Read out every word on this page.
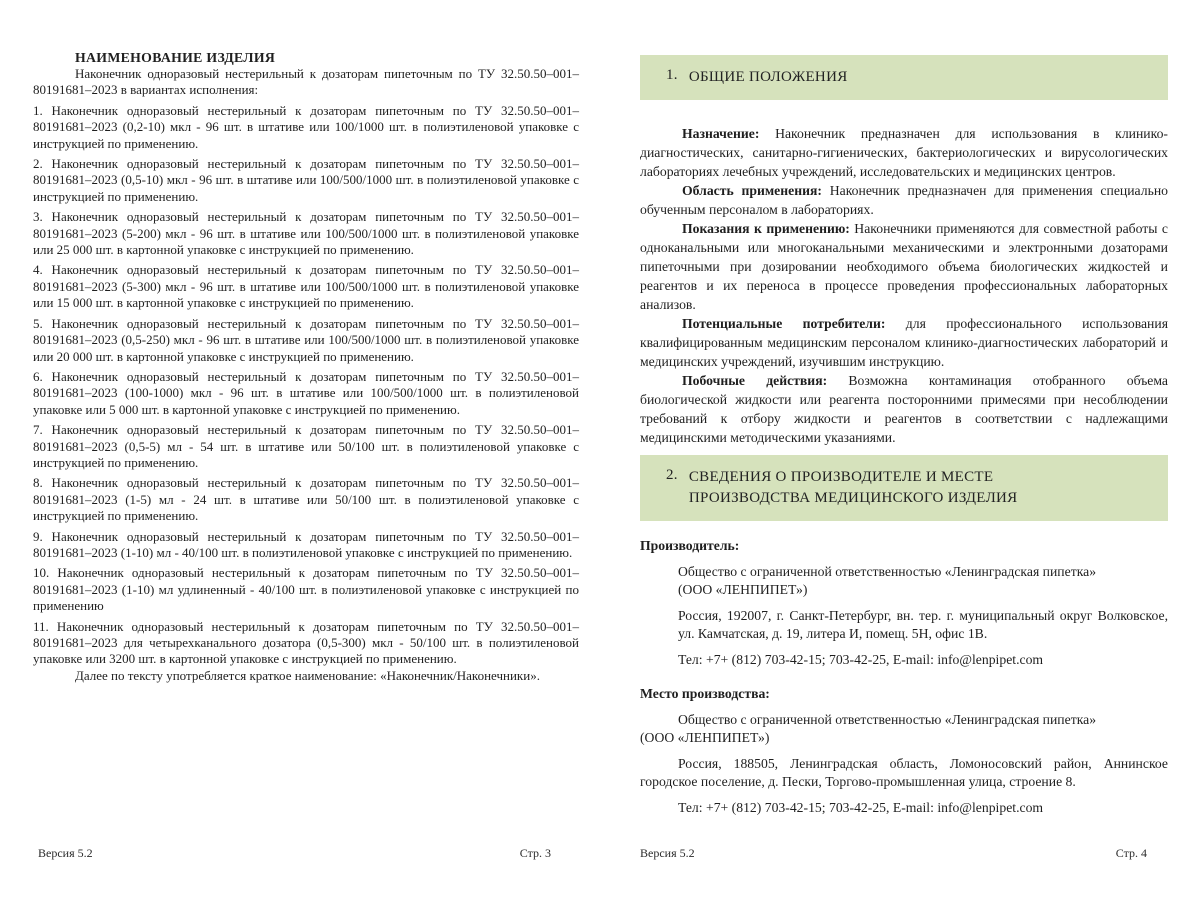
НАИМЕНОВАНИЕ ИЗДЕЛИЯ

Наконечник одноразовый нестерильный к дозаторам пипеточным по ТУ 32.50.50–001–80191681–2023 в вариантах исполнения:

1. Наконечник одноразовый нестерильный к дозаторам пипеточным по ТУ 32.50.50–001–80191681–2023 (0,2-10) мкл - 96 шт. в штативе или 100/1000 шт. в полиэтиленовой упаковке с инструкцией по применению.

2. Наконечник одноразовый нестерильный к дозаторам пипеточным по ТУ 32.50.50–001–80191681–2023 (0,5-10) мкл - 96 шт. в штативе или 100/500/1000 шт. в полиэтиленовой упаковке с инструкцией по применению.

3. Наконечник одноразовый нестерильный к дозаторам пипеточным по ТУ 32.50.50–001–80191681–2023 (5-200) мкл - 96 шт. в штативе или 100/500/1000 шт. в полиэтиленовой упаковке или 25 000 шт. в картонной упаковке с инструкцией по применению.

4. Наконечник одноразовый нестерильный к дозаторам пипеточным по ТУ 32.50.50–001–80191681–2023 (5-300) мкл - 96 шт. в штативе или 100/500/1000 шт. в полиэтиленовой упаковке или 15 000 шт. в картонной упаковке с инструкцией по применению.

5. Наконечник одноразовый нестерильный к дозаторам пипеточным по ТУ 32.50.50–001–80191681–2023 (0,5-250) мкл - 96 шт. в штативе или 100/500/1000 шт. в полиэтиленовой упаковке или 20 000 шт. в картонной упаковке с инструкцией по применению.

6. Наконечник одноразовый нестерильный к дозаторам пипеточным по ТУ 32.50.50–001–80191681–2023 (100-1000) мкл - 96 шт. в штативе или 100/500/1000 шт. в полиэтиленовой упаковке или 5 000 шт. в картонной упаковке с инструкцией по применению.

7. Наконечник одноразовый нестерильный к дозаторам пипеточным по ТУ 32.50.50–001–80191681–2023 (0,5-5) мл - 54 шт. в штативе или 50/100 шт. в полиэтиленовой упаковке с инструкцией по применению.

8. Наконечник одноразовый нестерильный к дозаторам пипеточным по ТУ 32.50.50–001–80191681–2023 (1-5) мл - 24 шт. в штативе или 50/100 шт. в полиэтиленовой упаковке с инструкцией по применению.

9. Наконечник одноразовый нестерильный к дозаторам пипеточным по ТУ 32.50.50–001–80191681–2023 (1-10) мл - 40/100 шт. в полиэтиленовой упаковке с инструкцией по применению.

10. Наконечник одноразовый нестерильный к дозаторам пипеточным по ТУ 32.50.50–001–80191681–2023 (1-10) мл удлиненный - 40/100 шт. в полиэтиленовой упаковке с инструкцией по применению

11. Наконечник одноразовый нестерильный к дозаторам пипеточным по ТУ 32.50.50–001–80191681–2023 для четырехканального дозатора (0,5-300) мкл - 50/100 шт. в полиэтиленовой упаковке или 3200 шт. в картонной упаковке с инструкцией по применению.

Далее по тексту употребляется краткое наименование: «Наконечник/Наконечники».

Версия 5.2	Стр. 3
1. ОБЩИЕ ПОЛОЖЕНИЯ

Назначение: Наконечник предназначен для использования в клинико-диагностических, санитарно-гигиенических, бактериологических и вирусологических лабораториях лечебных учреждений, исследовательских и медицинских центров.

Область применения: Наконечник предназначен для применения специально обученным персоналом в лабораториях.

Показания к применению: Наконечники применяются для совместной работы с одноканальными или многоканальными механическими и электронными дозаторами пипеточными при дозировании необходимого объема биологических жидкостей и реагентов и их переноса в процессе проведения профессиональных лабораторных анализов.

Потенциальные потребители: для профессионального использования квалифицированным медицинским персоналом клинико-диагностических лабораторий и медицинских учреждений, изучившим инструкцию.

Побочные действия: Возможна контаминация отобранного объема биологической жидкости или реагента посторонними примесями при несоблюдении требований к отбору жидкости и реагентов в соответствии с надлежащими медицинскими методическими указаниями.

2. СВЕДЕНИЯ О ПРОИЗВОДИТЕЛЕ И МЕСТЕ ПРОИЗВОДСТВА МЕДИЦИНСКОГО ИЗДЕЛИЯ
Производитель:
Общество с ограниченной ответственностью «Ленинградская пипетка»
(ООО «ЛЕНПИПЕТ»)
Россия, 192007, г. Санкт-Петербург, вн. тер. г. муниципальный округ Волковское, ул. Камчатская, д. 19, литера И, помещ. 5Н, офис 1В.
Тел: +7+ (812) 703-42-15; 703-42-25, E-mail: info@lenpipet.com
Место производства:
Общество с ограниченной ответственностью «Ленинградская пипетка»
(ООО «ЛЕНПИПЕТ»)
Россия, 188505, Ленинградская область, Ломоносовский район, Аннинское городское поселение, д. Пески, Торгово-промышленная улица, строение 8.
Тел: +7+ (812) 703-42-15; 703-42-25, E-mail: info@lenpipet.com
Версия 5.2	Стр. 4
